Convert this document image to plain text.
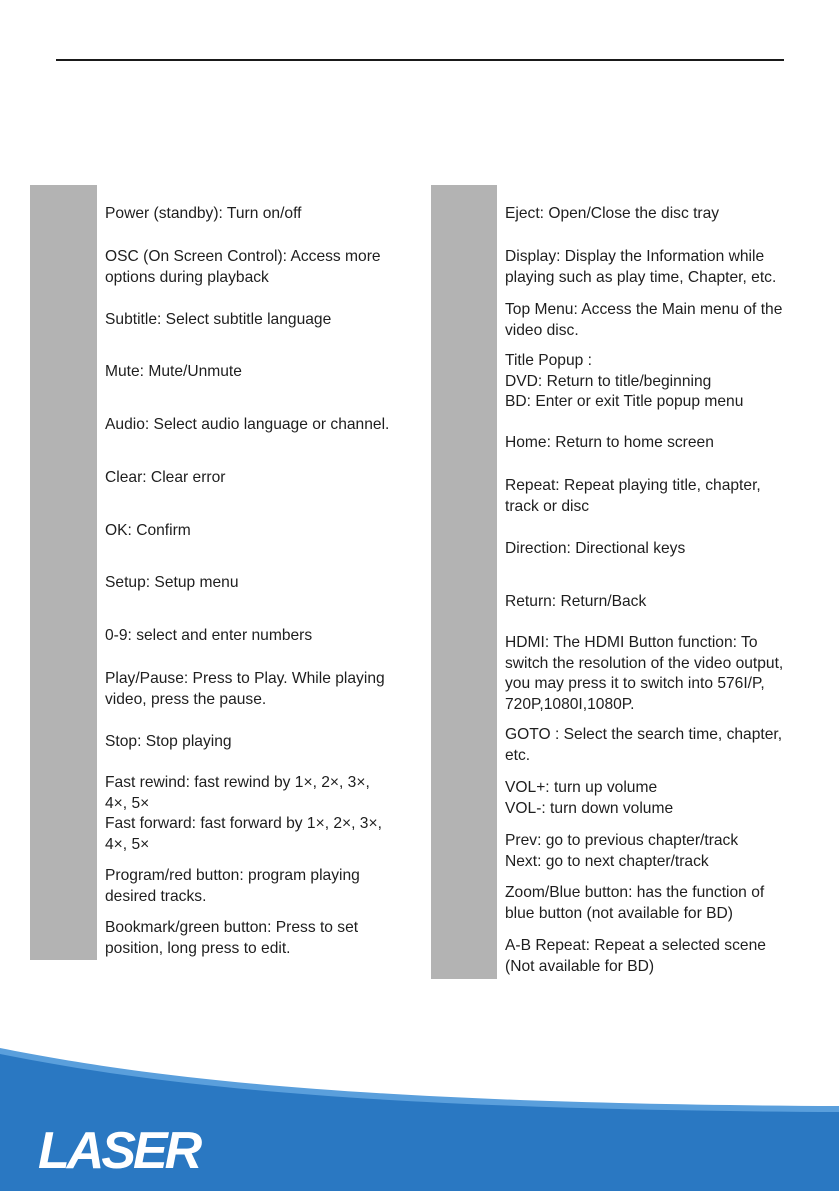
Power (standby): Turn on/off
OSC (On Screen Control): Access more
options during playback
Subtitle: Select subtitle language
Mute: Mute/Unmute
Audio: Select audio language or channel.
Clear: Clear error
OK: Confirm
Setup: Setup menu
0-9: select and enter numbers
Play/Pause: Press to Play. While playing
video, press the pause.
Stop: Stop playing
Fast rewind: fast rewind by 1×, 2×, 3×,
4×, 5×
Fast forward: fast forward by 1×, 2×, 3×,
4×, 5×
Program/red button: program playing
desired tracks.
Bookmark/green button: Press to set
position, long press to edit.
Eject: Open/Close the disc tray
Display: Display the Information while
playing such as play time, Chapter, etc.
Top Menu: Access the Main menu of the
video disc.
Title Popup :
DVD: Return to title/beginning
BD: Enter or exit Title popup menu
Home: Return to home screen
Repeat: Repeat playing title, chapter,
track or disc
Direction: Directional keys
Return: Return/Back
HDMI: The HDMI Button function: To
switch the resolution of the video output,
you may press it to switch into 576I/P,
720P,1080I,1080P.
GOTO : Select the search time, chapter,
etc.
VOL+: turn up volume
VOL-: turn down volume
Prev: go to previous chapter/track
Next: go to next chapter/track
Zoom/Blue button: has the function of
blue button (not available for BD)
A-B Repeat: Repeat a selected scene
(Not available for BD)
LASER
